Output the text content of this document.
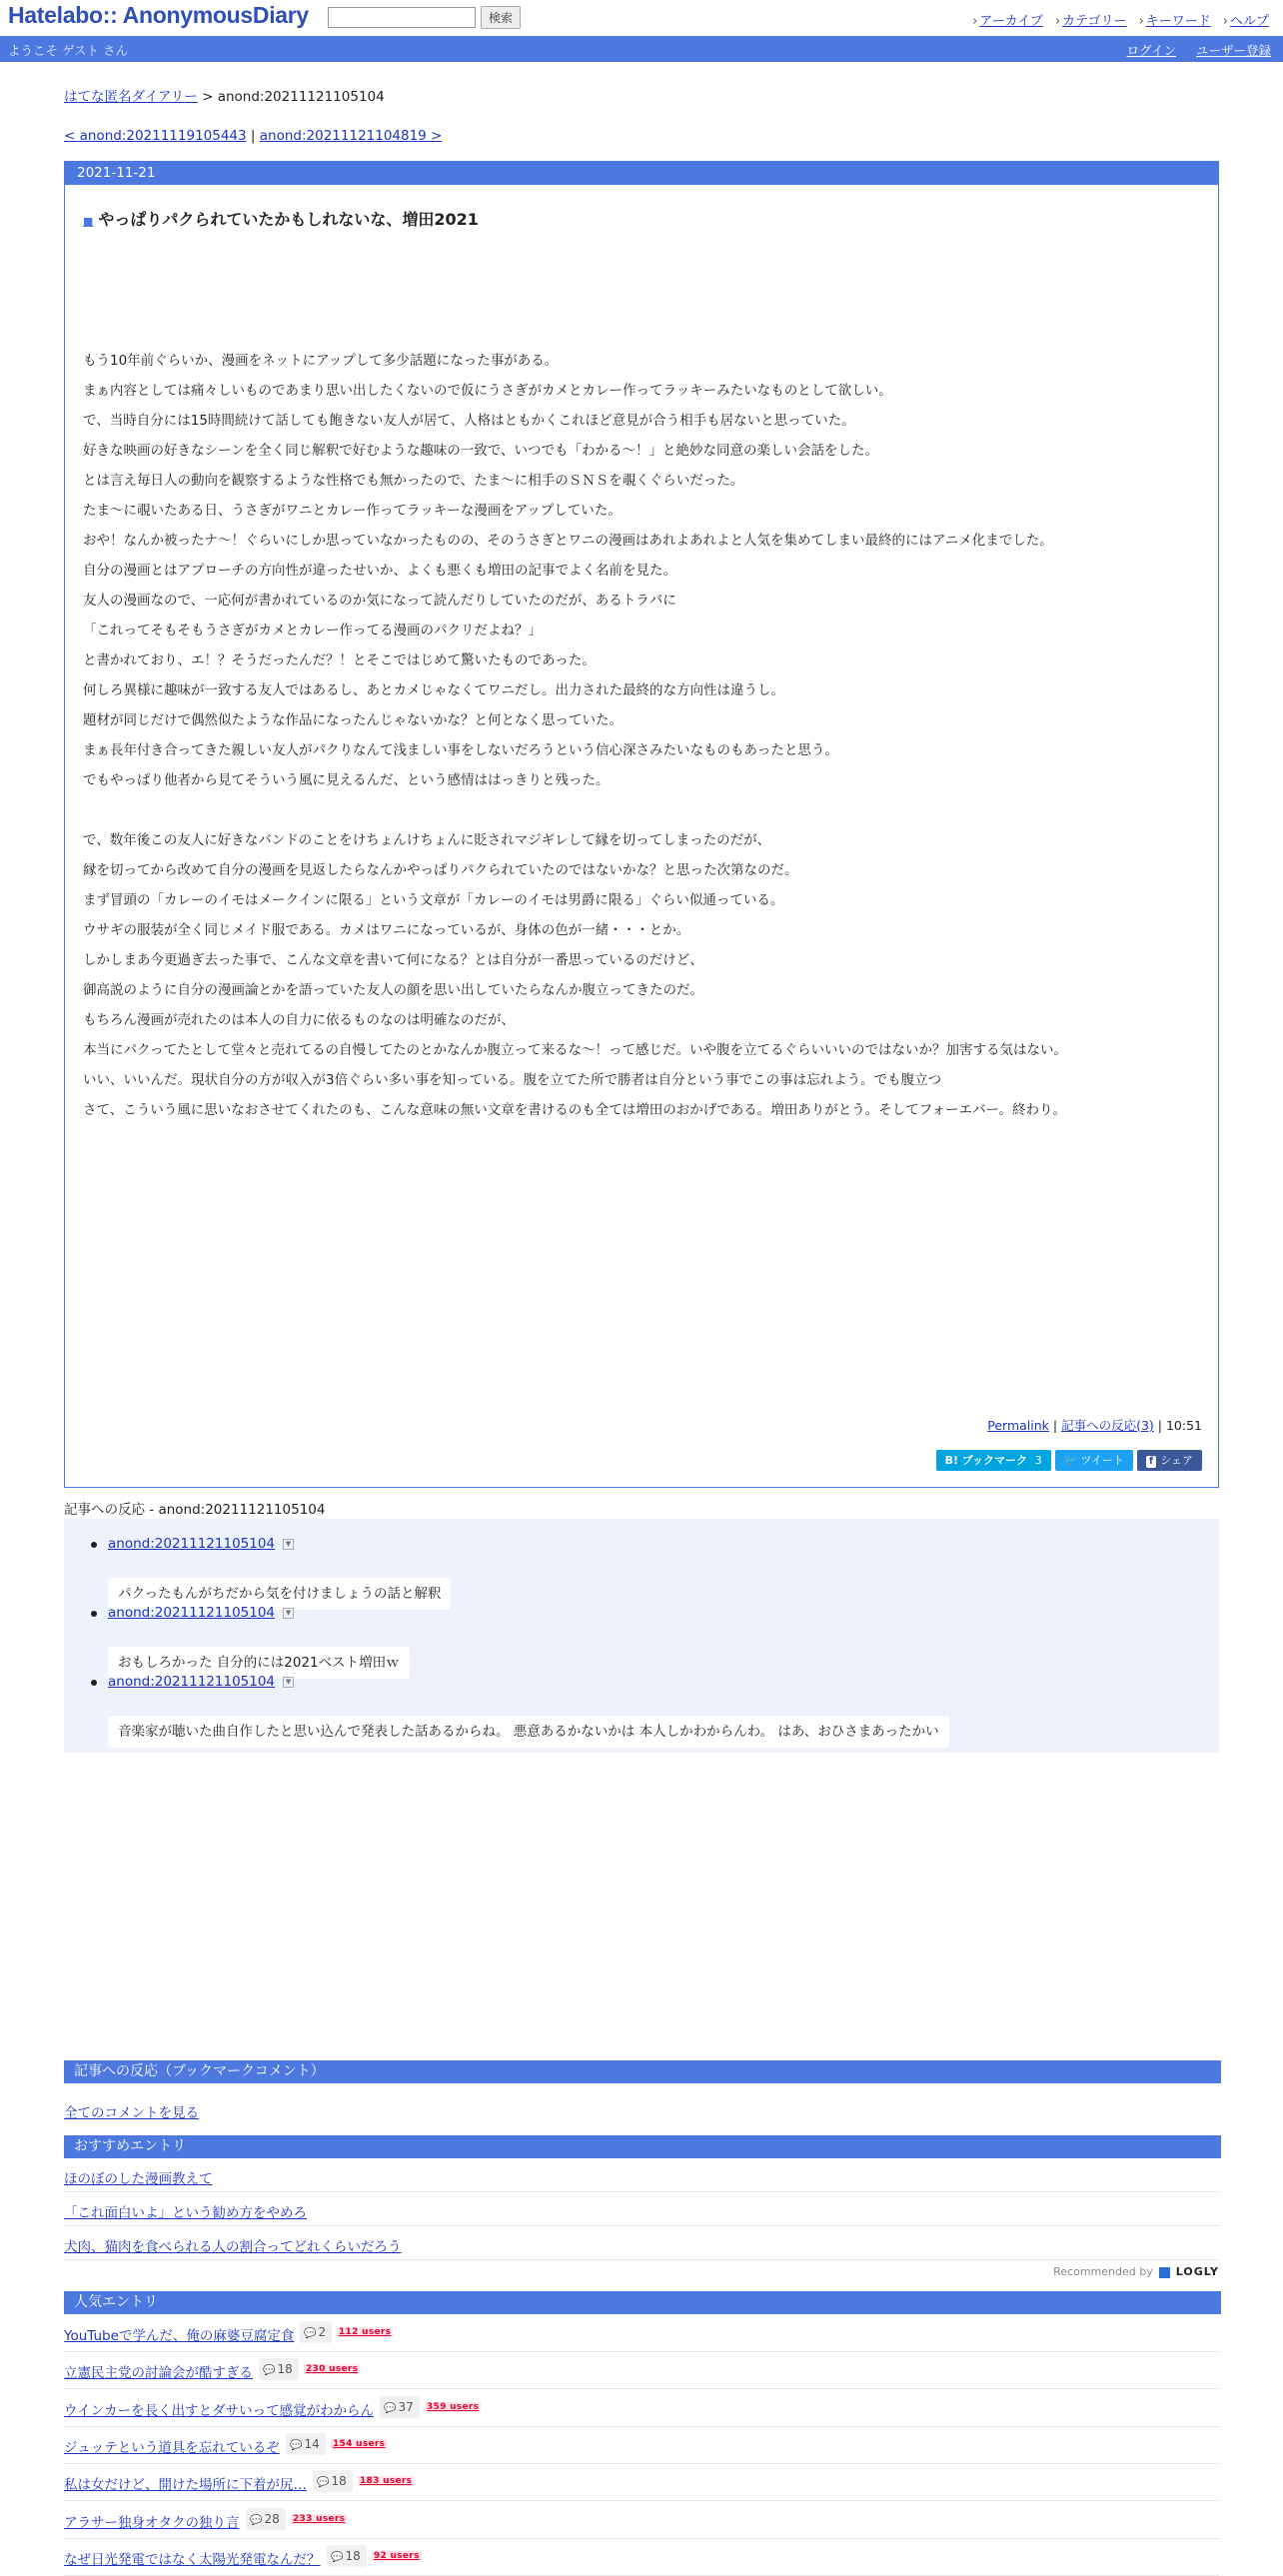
Hatelabo:: AnonymousDiary	検索	› アーカイブ › カテゴリー › キーワード › ヘルプ
ようこそ ゲスト さん	ログイン ユーザー登録
はてな匿名ダイアリー > anond:20211121105104
< anond:20211119105443 | anond:20211121104819 >
2021-11-21
■ やっぱりパクられていたかもしれないな、増田2021

もう10年前ぐらいか、漫画をネットにアップして多少話題になった事がある。

まぁ内容としては痛々しいものであまり思い出したくないので仮にうさぎがカメとカレー作ってラッキーみたいなものとして欲しい。

で、当時自分には15時間続けて話しても飽きない友人が居て、人格はともかくこれほど意見が合う相手も居ないと思っていた。

好きな映画の好きなシーンを全く同じ解釈で好むような趣味の一致で、いつでも「わかる～！」と絶妙な同意の楽しい会話をした。

とは言え毎日人の動向を観察するような性格でも無かったので、たま～に相手のＳＮＳを覗くぐらいだった。

たま～に覗いたある日、うさぎがワニとカレー作ってラッキーな漫画をアップしていた。

おや！なんか被ったナ～！ぐらいにしか思っていなかったものの、そのうさぎとワニの漫画はあれよあれよと人気を集めてしまい最終的にはアニメ化までした。

自分の漫画とはアプローチの方向性が違ったせいか、よくも悪くも増田の記事でよく名前を見た。

友人の漫画なので、一応何が書かれているのか気になって読んだりしていたのだが、あるトラバに

「これってそもそもうさぎがカメとカレー作ってる漫画のパクリだよね？」

と書かれており、エ！？そうだったんだ？！とそこではじめて驚いたものであった。

何しろ異様に趣味が一致する友人ではあるし、あとカメじゃなくてワニだし。出力された最終的な方向性は違うし。

題材が同じだけで偶然似たような作品になったんじゃないかな？と何となく思っていた。

まぁ長年付き合ってきた親しい友人がパクりなんて浅ましい事をしないだろうという信心深さみたいなものもあったと思う。

でもやっぱり他者から見てそういう風に見えるんだ、という感情ははっきりと残った。

で、数年後この友人に好きなバンドのことをけちょんけちょんに貶されマジギレして縁を切ってしまったのだが、

縁を切ってから改めて自分の漫画を見返したらなんかやっぱりパクられていたのではないかな？と思った次第なのだ。

まず冒頭の「カレーのイモはメークインに限る」という文章が「カレーのイモは男爵に限る」ぐらい似通っている。

ウサギの服装が全く同じメイド服である。カメはワニになっているが、身体の色が一緒・・・とか。

しかしまあ今更過ぎ去った事で、こんな文章を書いて何になる？とは自分が一番思っているのだけど、

御高説のように自分の漫画論とかを語っていた友人の顔を思い出していたらなんか腹立ってきたのだ。

もちろん漫画が売れたのは本人の自力に依るものなのは明確なのだが、

本当にパクってたとして堂々と売れてるの自慢してたのとかなんか腹立って来るな～！って感じだ。いや腹を立てるぐらいいいのではないか？加害する気はない。

いい、いいんだ。現状自分の方が収入が3倍ぐらい多い事を知っている。腹を立てた所で勝者は自分という事でこの事は忘れよう。でも腹立つ

さて、こういう風に思いなおさせてくれたのも、こんな意味の無い文章を書けるのも全ては増田のおかげである。増田ありがとう。そしてフォーエバー。終わり。

Permalink | 記事への反応(3) | 10:51
B! ブックマーク 3 🐦 ツイート	f シェア
記事への反応 - anond:20211121105104
anond:20211121105104 ▼
パクったもんがちだから気を付けましょうの話と解釈
anond:20211121105104 ▼
おもしろかった 自分的には2021ベスト増田ｗ
anond:20211121105104 ▼
音楽家が聴いた曲自作したと思い込んで発表した話あるからね。 悪意あるかないかは 本人しかわからんわ。 はあ、おひさまあったかい
記事への反応（ブックマークコメント）
全てのコメントを見る
おすすめエントリ
ほのぼのした漫画教えて
「これ面白いよ」という勧め方をやめろ
犬肉、猫肉を食べられる人の割合ってどれくらいだろう
Recommended by LOGLY
人気エントリ
YouTubeで学んだ、俺の麻婆豆腐定食	💬 2	112 users
立憲民主党の討論会が酷すぎる	💬 18	230 users
ウインカーを長く出すとダサいって感覚がわからん	💬 37	359 users
ジュッテという道具を忘れているぞ	💬 14	154 users
私は女だけど、開けた場所に下着が尻…	💬 18	183 users
アラサー独身オタクの独り言	💬 28	233 users
なぜ日光発電ではなく太陽光発電なんだ？	💬 18	92 users
